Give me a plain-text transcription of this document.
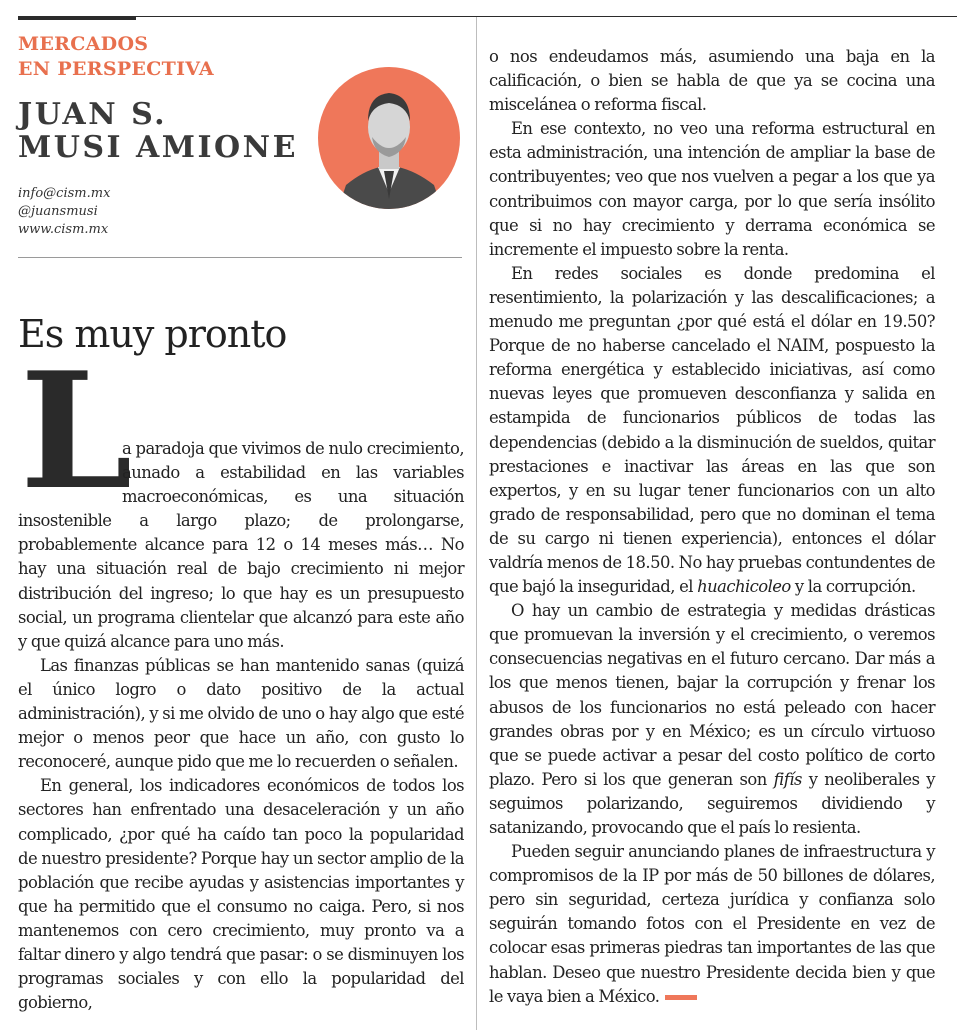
MERCADOS
EN PERSPECTIVA
JUAN S.
MUSI AMIONE
info@cism.mx
@juansmusi
www.cism.mx
Es muy pronto
L

a paradoja que vivimos de nulo crecimiento, aunado a estabilidad en las variables macroeconómicas, es una situación insostenible a largo plazo; de prolongarse, probablemente alcance para 12 o 14 meses más… No hay una situación real de bajo crecimiento ni mejor distribución del ingreso; lo que hay es un presupuesto social, un programa clientelar que alcanzó para este año y que quizá alcance para uno más.

Las finanzas públicas se han mantenido sanas (quizá el único logro o dato positivo de la actual administración), y si me olvido de uno o hay algo que esté mejor o menos peor que hace un año, con gusto lo reconoceré, aunque pido que me lo recuerden o señalen.

En general, los indicadores económicos de todos los sectores han enfrentado una desaceleración y un año complicado, ¿por qué ha caído tan poco la popularidad de nuestro presidente? Porque hay un sector amplio de la población que recibe ayudas y asistencias importantes y que ha permitido que el consumo no caiga. Pero, si nos mantenemos con cero crecimiento, muy pronto va a faltar dinero y algo tendrá que pasar: o se disminuyen los programas sociales y con ello la popularidad del gobierno,

o nos endeudamos más, asumiendo una baja en la calificación, o bien se habla de que ya se cocina una miscelánea o reforma fiscal.

En ese contexto, no veo una reforma estructural en esta administración, una intención de ampliar la base de contribuyentes; veo que nos vuelven a pegar a los que ya contribuimos con mayor carga, por lo que sería insólito que si no hay crecimiento y derrama económica se incremente el impuesto sobre la renta.

En redes sociales es donde predomina el resentimiento, la polarización y las descalificaciones; a menudo me preguntan ¿por qué está el dólar en 19.50? Porque de no haberse cancelado el NAIM, pospuesto la reforma energética y establecido iniciativas, así como nuevas leyes que promueven desconfianza y salida en estampida de funcionarios públicos de todas las dependencias (debido a la disminución de sueldos, quitar prestaciones e inactivar las áreas en las que son expertos, y en su lugar tener funcionarios con un alto grado de responsabilidad, pero que no dominan el tema de su cargo ni tienen experiencia), entonces el dólar valdría menos de 18.50. No hay pruebas contundentes de que bajó la inseguridad, el huachicoleo y la corrupción.

O hay un cambio de estrategia y medidas drásticas que promuevan la inversión y el crecimiento, o veremos consecuencias negativas en el futuro cercano. Dar más a los que menos tienen, bajar la corrupción y frenar los abusos de los funcionarios no está peleado con hacer grandes obras por y en México; es un círculo virtuoso que se puede activar a pesar del costo político de corto plazo. Pero si los que generan son fifís y neoliberales y seguimos polarizando, seguiremos dividiendo y satanizando, provocando que el país lo resienta.

Pueden seguir anunciando planes de infraestructura y compromisos de la IP por más de 50 billones de dólares, pero sin seguridad, certeza jurídica y confianza solo seguirán tomando fotos con el Presidente en vez de colocar esas primeras piedras tan importantes de las que hablan. Deseo que nuestro Presidente decida bien y que le vaya bien a México.
